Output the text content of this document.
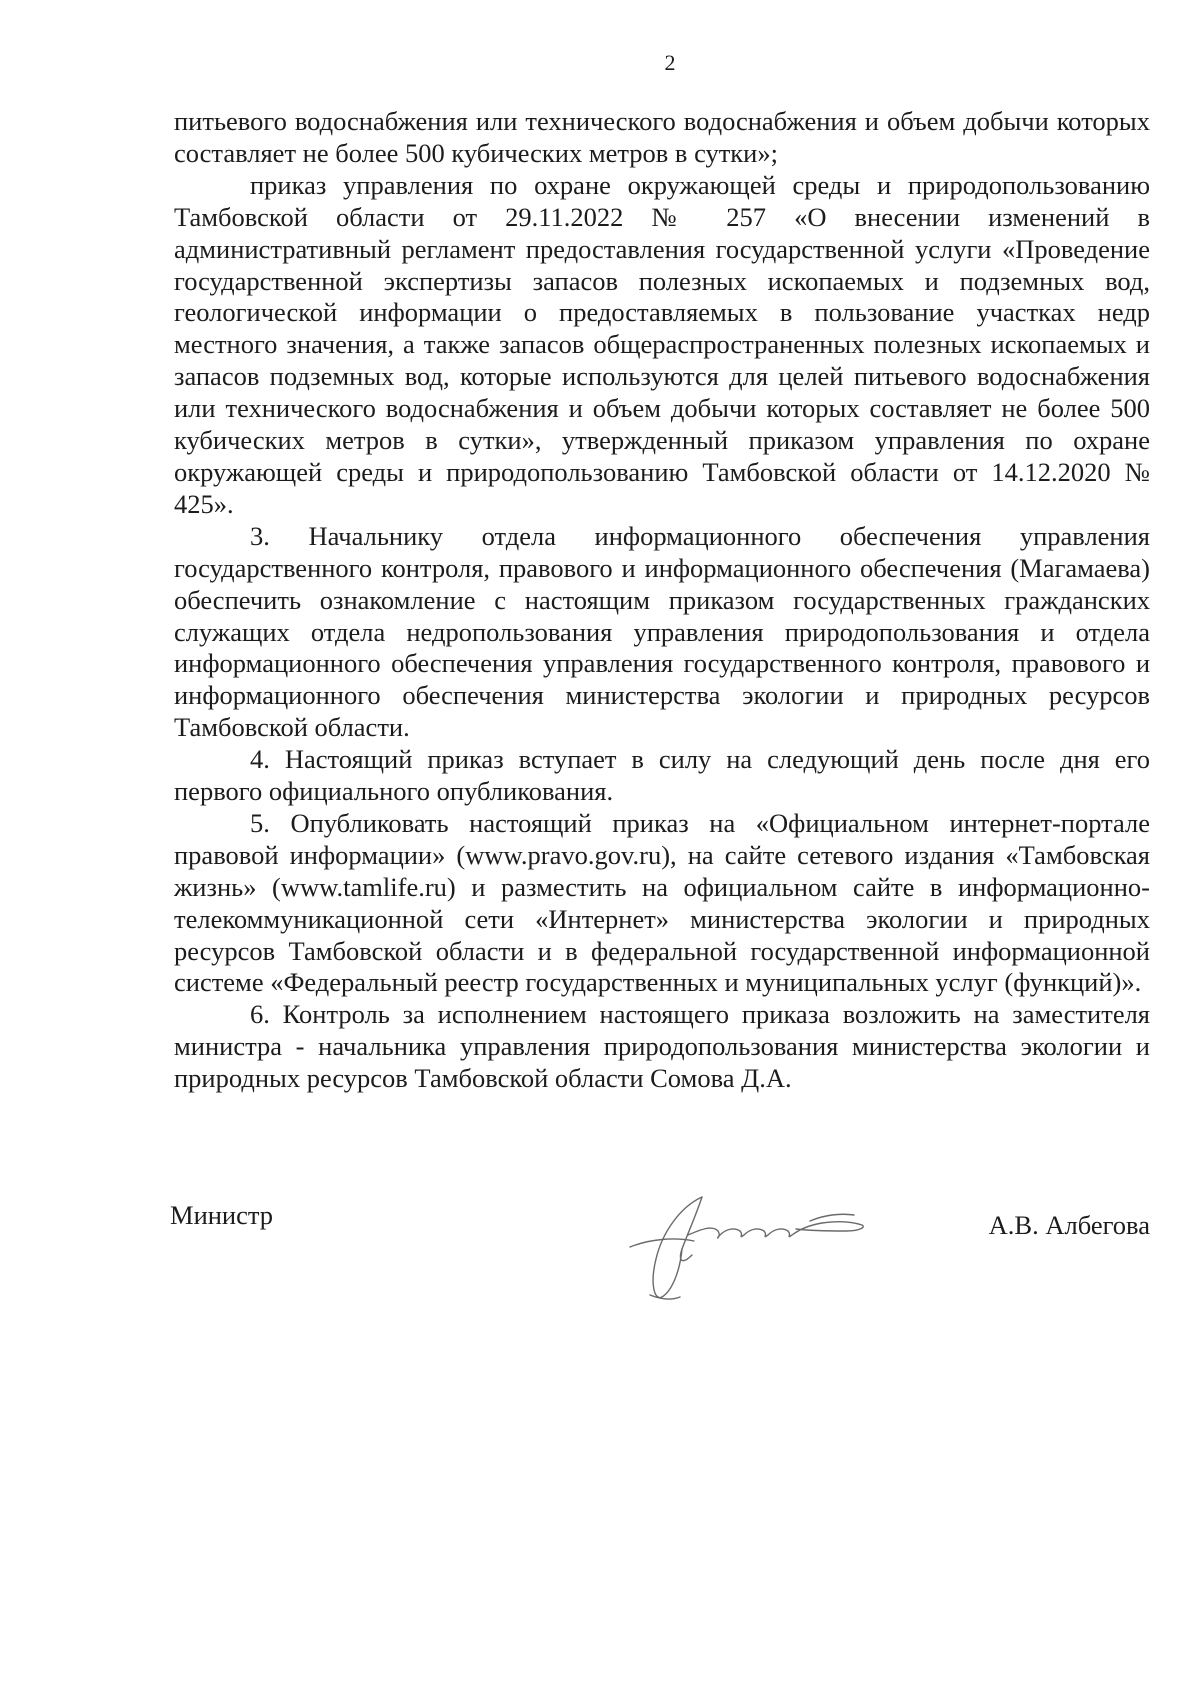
2

питьевого водоснабжения или технического водоснабжения и объем добычи которых составляет не более 500 кубических метров в сутки»;

приказ управления по охране окружающей среды и природопользованию Тамбовской области от 29.11.2022 № 257 «О внесении изменений в административный регламент предоставления государственной услуги «Проведение государственной экспертизы запасов полезных ископаемых и подземных вод, геологической информации о предоставляемых в пользование участках недр местного значения, а также запасов общераспространенных полезных ископаемых и запасов подземных вод, которые используются для целей питьевого водоснабжения или технического водоснабжения и объем добычи которых составляет не более 500 кубических метров в сутки», утвержденный приказом управления по охране окружающей среды и природопользованию Тамбовской области от 14.12.2020 № 425».

3. Начальнику отдела информационного обеспечения управления государственного контроля, правового и информационного обеспечения (Магамаева) обеспечить ознакомление с настоящим приказом государственных гражданских служащих отдела недропользования управления природопользования и отдела информационного обеспечения управления государственного контроля, правового и информационного обеспечения министерства экологии и природных ресурсов Тамбовской области.

4. Настоящий приказ вступает в силу на следующий день после дня его первого официального опубликования.

5. Опубликовать настоящий приказ на «Официальном интернет-портале правовой информации» (www.pravo.gov.ru), на сайте сетевого издания «Тамбовская жизнь» (www.tamlife.ru) и разместить на официальном сайте в информационно-телекоммуникационной сети «Интернет» министерства экологии и природных ресурсов Тамбовской области и в федеральной государственной информационной системе «Федеральный реестр государственных и муниципальных услуг (функций)».

6. Контроль за исполнением настоящего приказа возложить на заместителя министра - начальника управления природопользования министерства экологии и природных ресурсов Тамбовской области Сомова Д.А.

Министр	А.В. Албегова
